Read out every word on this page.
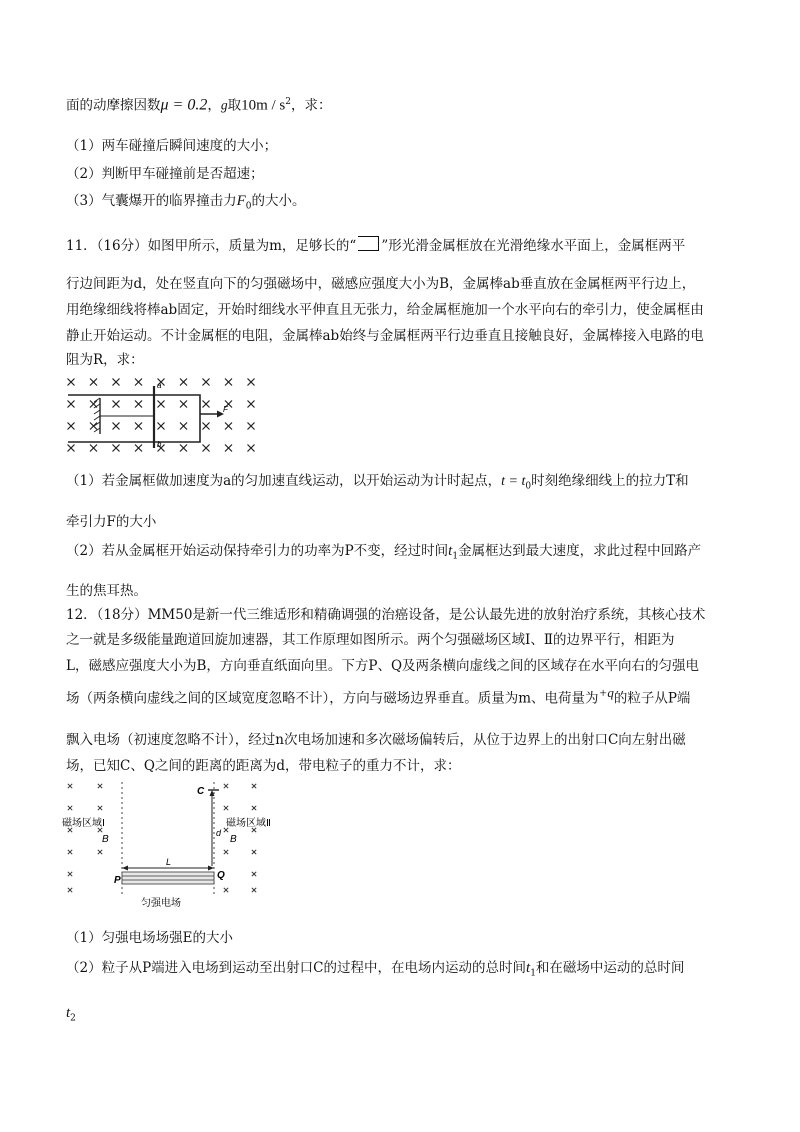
面的动摩擦因数μ = 0.2，g取$10m / s^2$，求：
（1）两车碰撞后瞬间速度的大小；
（2）判断甲车碰撞前是否超速；
（3）气囊爆开的临界撞击力$F_0$的大小。
11．（16分）如图甲所示，质量为m，足够长的“ ”形光滑金属框放在光滑绝缘水平面上，金属框两平
行边间距为d，处在竖直向下的匀强磁场中，磁感应强度大小为B，金属棒ab垂直放在金属框两平行边上，
用绝缘细线将棒ab固定，开始时细线水平伸直且无张力，给金属框施加一个水平向右的牵引力，使金属框由
静止开始运动。不计金属框的电阻，金属棒ab始终与金属框两平行边垂直且接触良好，金属棒接入电路的电
阻为R，求：
F
a
b
（1）若金属框做加速度为a的匀加速直线运动，以开始运动为计时起点，$t = t_0$时刻绝缘细线上的拉力T和
牵引力F的大小
（2）若从金属框开始运动保持牵引力的功率为P不变，经过时间$t_1$金属框达到最大速度，求此过程中回路产
生的焦耳热。
12．（18分）MM50是新一代三维适形和精确调强的治癌设备，是公认最先进的放射治疗系统，其核心技术
之一就是多级能量跑道回旋加速器，其工作原理如图所示。两个匀强磁场区域Ⅰ、Ⅱ的边界平行，相距为
L，磁感应强度大小为B，方向垂直纸面向里。下方P、Q及两条横向虚线之间的区域存在水平向右的匀强电
场（两条横向虚线之间的区域宽度忽略不计），方向与磁场边界垂直。质量为m、电荷量为$^{+q}$的粒子从P端
飘入电场（初速度忽略不计），经过n次电场加速和多次磁场偏转后，从位于边界上的出射口C向左射出磁
场，已知C、Q之间的距离的距离为d，带电粒子的重力不计，求：
L
d
C
P	Q
磁场区域Ⅰ	磁场区域Ⅱ
B	B
匀强电场
（1）匀强电场场强E的大小
（2）粒子从P端进入电场到运动至出射口C的过程中，在电场内运动的总时间$t_1$和在磁场中运动的总时间
$t_2$
